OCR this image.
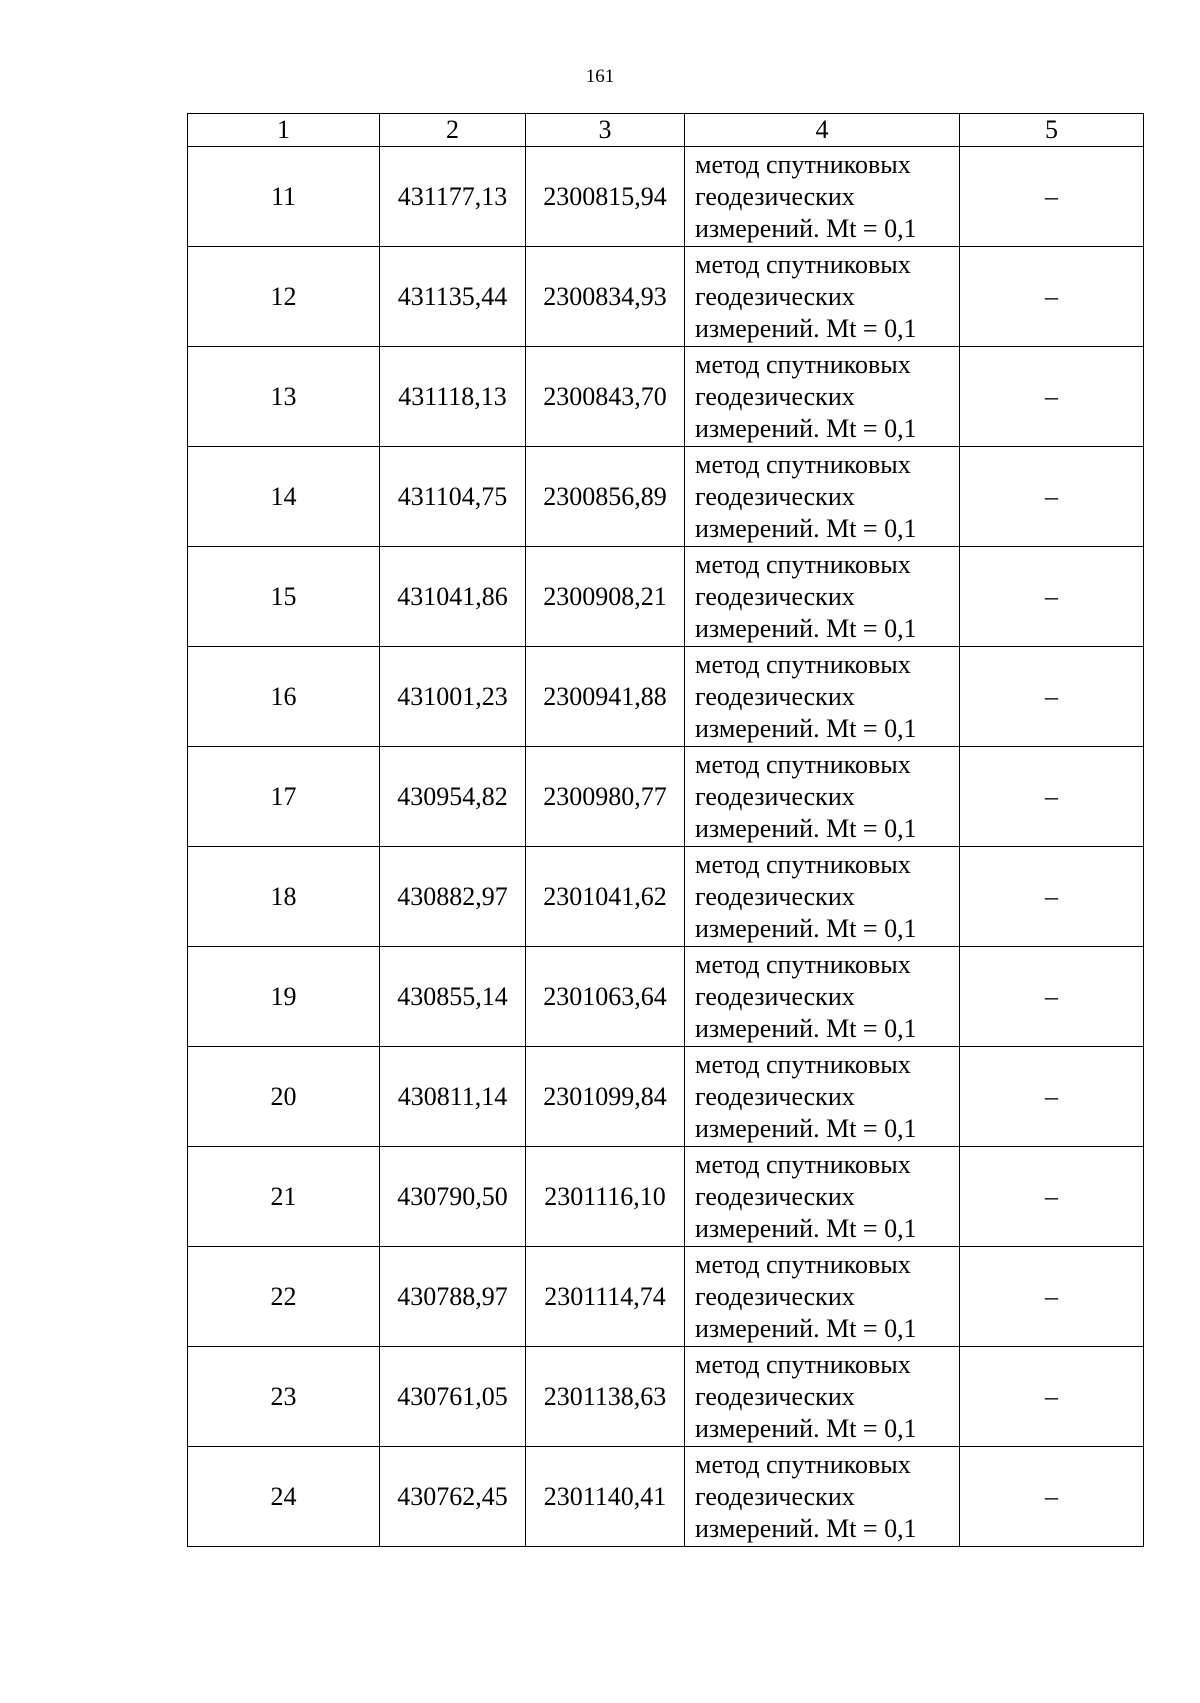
161
1	2	3	4	5
11	431177,13	2300815,94	метод спутниковых
геодезических
измерений. Mt = 0,1	–
12	431135,44	2300834,93	метод спутниковых
геодезических
измерений. Mt = 0,1	–
13	431118,13	2300843,70	метод спутниковых
геодезических
измерений. Mt = 0,1	–
14	431104,75	2300856,89	метод спутниковых
геодезических
измерений. Mt = 0,1	–
15	431041,86	2300908,21	метод спутниковых
геодезических
измерений. Mt = 0,1	–
16	431001,23	2300941,88	метод спутниковых
геодезических
измерений. Mt = 0,1	–
17	430954,82	2300980,77	метод спутниковых
геодезических
измерений. Mt = 0,1	–
18	430882,97	2301041,62	метод спутниковых
геодезических
измерений. Mt = 0,1	–
19	430855,14	2301063,64	метод спутниковых
геодезических
измерений. Mt = 0,1	–
20	430811,14	2301099,84	метод спутниковых
геодезических
измерений. Mt = 0,1	–
21	430790,50	2301116,10	метод спутниковых
геодезических
измерений. Mt = 0,1	–
22	430788,97	2301114,74	метод спутниковых
геодезических
измерений. Mt = 0,1	–
23	430761,05	2301138,63	метод спутниковых
геодезических
измерений. Mt = 0,1	–
24	430762,45	2301140,41	метод спутниковых
геодезических
измерений. Mt = 0,1	–
